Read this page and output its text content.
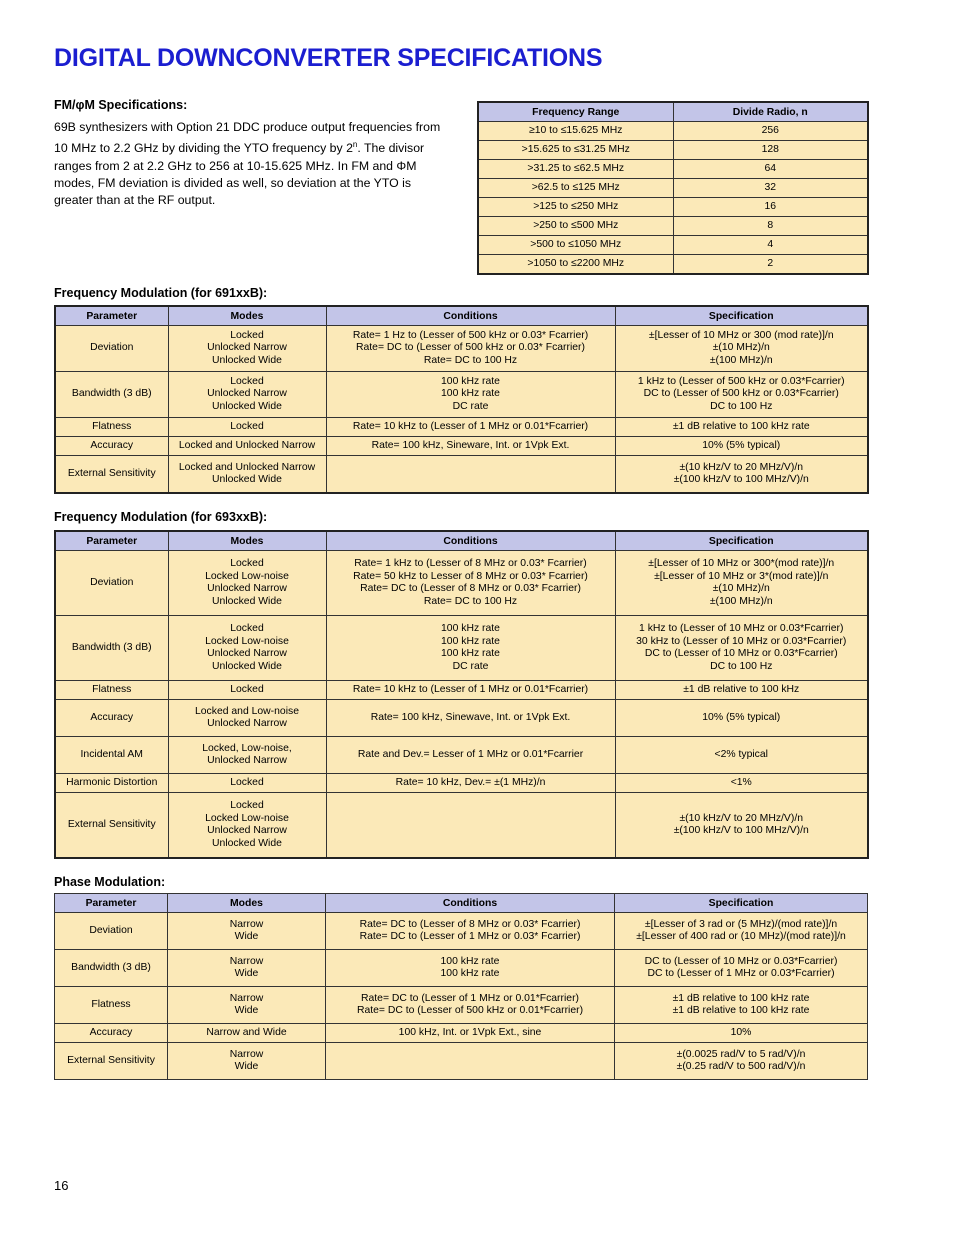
DIGITAL DOWNCONVERTER SPECIFICATIONS

FM/φM Specifications:

69B synthesizers with Option 21 DDC produce output frequencies from 10 MHz to 2.2 GHz by dividing the YTO frequency by 2$^n$. The divisor ranges from 2 at 2.2 GHz to 256 at 10-15.625 MHz. In FM and ΦM modes, FM deviation is divided as well, so deviation at the YTO is greater than at the RF output.

Frequency Range	Divide Radio, n
≥10 to ≤15.625 MHz	256
>15.625 to ≤31.25 MHz	128
>31.25 to ≤62.5 MHz	64
>62.5 to ≤125 MHz	32
>125 to ≤250 MHz	16
>250 to ≤500 MHz	8
>500 to ≤1050 MHz	4
>1050 to ≤2200 MHz	2

Frequency Modulation (for 691xxB):

Parameter	Modes	Conditions	Specification
Deviation	Locked
Unlocked Narrow
Unlocked Wide	Rate= 1 Hz to (Lesser of 500 kHz or 0.03* Fcarrier)
Rate= DC to (Lesser of 500 kHz or 0.03* Fcarrier)
Rate= DC to 100 Hz	±[Lesser of 10 MHz or 300 (mod rate)]/n
±(10 MHz)/n
±(100 MHz)/n
Bandwidth (3 dB)	Locked
Unlocked Narrow
Unlocked Wide	100 kHz rate
100 kHz rate
DC rate	1 kHz to (Lesser of 500 kHz or 0.03*Fcarrier)
DC to (Lesser of 500 kHz or 0.03*Fcarrier)
DC to 100 Hz
Flatness	Locked	Rate= 10 kHz to (Lesser of 1 MHz or 0.01*Fcarrier)	±1 dB relative to 100 kHz rate
Accuracy	Locked and Unlocked Narrow	Rate= 100 kHz, Sineware, Int. or 1Vpk Ext.	10% (5% typical)
External Sensitivity	Locked and Unlocked Narrow
Unlocked Wide		±(10 kHz/V to 20 MHz/V)/n
±(100 kHz/V to 100 MHz/V)/n

Frequency Modulation (for 693xxB):

Parameter	Modes	Conditions	Specification
Deviation	Locked
Locked Low-noise
Unlocked Narrow
Unlocked Wide	Rate= 1 kHz to (Lesser of 8 MHz or 0.03* Fcarrier)
Rate= 50 kHz to Lesser of 8 MHz or 0.03* Fcarrier)
Rate= DC to (Lesser of 8 MHz or 0.03* Fcarrier)
Rate= DC to 100 Hz	±[Lesser of 10 MHz or 300*(mod rate)]/n
±[Lesser of 10 MHz or 3*(mod rate)]/n
±(10 MHz)/n
±(100 MHz)/n
Bandwidth (3 dB)	Locked
Locked Low-noise
Unlocked Narrow
Unlocked Wide	100 kHz rate
100 kHz rate
100 kHz rate
DC rate	1 kHz to (Lesser of 10 MHz or 0.03*Fcarrier)
30 kHz to (Lesser of 10 MHz or 0.03*Fcarrier)
DC to (Lesser of 10 MHz or 0.03*Fcarrier)
DC to 100 Hz
Flatness	Locked	Rate= 10 kHz to (Lesser of 1 MHz or 0.01*Fcarrier)	±1 dB relative to 100 kHz
Accuracy	Locked and Low-noise
Unlocked Narrow	Rate= 100 kHz, Sinewave, Int. or 1Vpk Ext.	10% (5% typical)
Incidental AM	Locked, Low-noise,
Unlocked Narrow	Rate and Dev.= Lesser of 1 MHz or 0.01*Fcarrier	<2% typical
Harmonic Distortion	Locked	Rate= 10 kHz, Dev.= ±(1 MHz)/n	<1%
External Sensitivity	Locked
Locked Low-noise
Unlocked Narrow
Unlocked Wide		±(10 kHz/V to 20 MHz/V)/n
±(100 kHz/V to 100 MHz/V)/n

Phase Modulation:

Parameter	Modes	Conditions	Specification
Deviation	Narrow
Wide	Rate= DC to (Lesser of 8 MHz or 0.03* Fcarrier)
Rate= DC to (Lesser of 1 MHz or 0.03* Fcarrier)	±[Lesser of 3 rad or (5 MHz)/(mod rate)]/n
±[Lesser of 400 rad or (10 MHz)/(mod rate)]/n
Bandwidth (3 dB)	Narrow
Wide	100 kHz rate
100 kHz rate	DC to (Lesser of 10 MHz or 0.03*Fcarrier)
DC to (Lesser of 1 MHz or 0.03*Fcarrier)
Flatness	Narrow
Wide	Rate= DC to (Lesser of 1 MHz or 0.01*Fcarrier)
Rate= DC to (Lesser of 500 kHz or 0.01*Fcarrier)	±1 dB relative to 100 kHz rate
±1 dB relative to 100 kHz rate
Accuracy	Narrow and Wide	100 kHz, Int. or 1Vpk Ext., sine	10%
External Sensitivity	Narrow
Wide		±(0.0025 rad/V to 5 rad/V)/n
±(0.25 rad/V to 500 rad/V)/n

16
